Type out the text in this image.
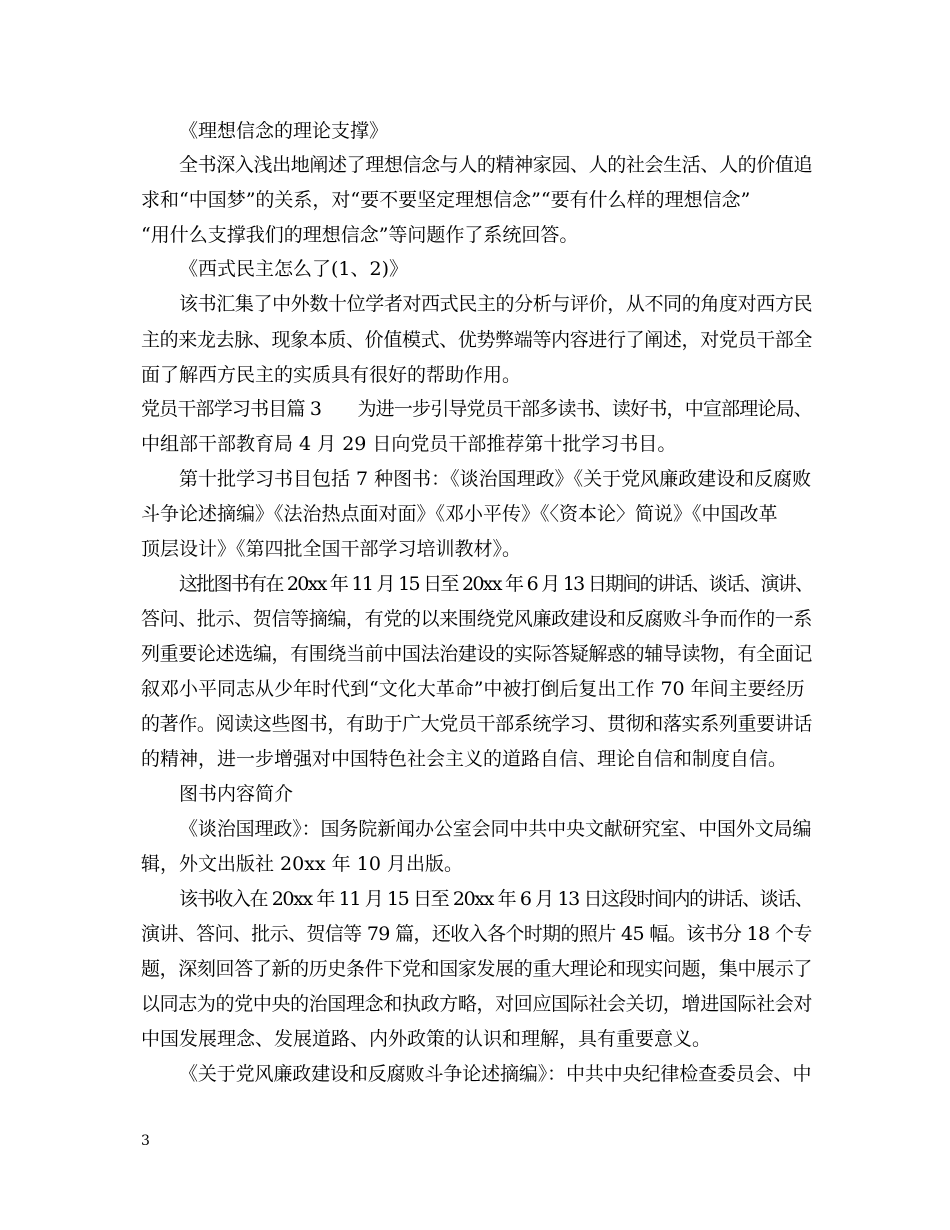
《理想信念的理论支撑》
全书深入浅出地阐述了理想信念与人的精神家园、人的社会生活、人的价值追
求和“中国梦”的关系，对“要不要坚定理想信念”“要有什么样的理想信念”
“用什么支撑我们的理想信念”等问题作了系统回答。
《西式民主怎么了(1、2)》
该书汇集了中外数十位学者对西式民主的分析与评价，从不同的角度对西方民
主的来龙去脉、现象本质、价值模式、优势弊端等内容进行了阐述，对党员干部全
面了解西方民主的实质具有很好的帮助作用。
党员干部学习书目篇 3　　为进一步引导党员干部多读书、读好书，中宣部理论局、
中组部干部教育局 4 月 29 日向党员干部推荐第十批学习书目。
第十批学习书目包括 7 种图书：《谈治国理政》《关于党风廉政建设和反腐败
斗争论述摘编》《法治热点面对面》《邓小平传》《〈资本论〉简说》《中国改革
顶层设计》《第四批全国干部学习培训教材》。
这批图书有在 20xx 年 11 月 15 日至 20xx 年 6 月 13 日期间的讲话、谈话、演讲、
答问、批示、贺信等摘编，有党的以来围绕党风廉政建设和反腐败斗争而作的一系
列重要论述选编，有围绕当前中国法治建设的实际答疑解惑的辅导读物，有全面记
叙邓小平同志从少年时代到“文化大革命”中被打倒后复出工作 70 年间主要经历
的著作。阅读这些图书，有助于广大党员干部系统学习、贯彻和落实系列重要讲话
的精神，进一步增强对中国特色社会主义的道路自信、理论自信和制度自信。
图书内容简介
《谈治国理政》：国务院新闻办公室会同中共中央文献研究室、中国外文局编
辑，外文出版社 20xx 年 10 月出版。
该书收入在 20xx 年 11 月 15 日至 20xx 年 6 月 13 日这段时间内的讲话、谈话、
演讲、答问、批示、贺信等 79 篇，还收入各个时期的照片 45 幅。该书分 18 个专
题，深刻回答了新的历史条件下党和国家发展的重大理论和现实问题，集中展示了
以同志为的党中央的治国理念和执政方略，对回应国际社会关切，增进国际社会对
中国发展理念、发展道路、内外政策的认识和理解，具有重要意义。
《关于党风廉政建设和反腐败斗争论述摘编》：中共中央纪律检查委员会、中
3
